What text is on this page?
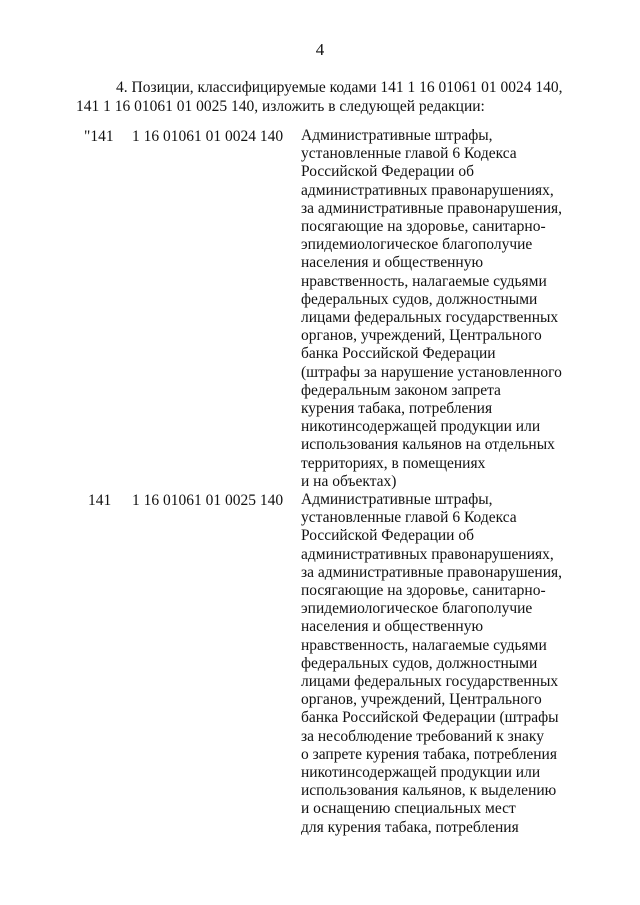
4
4. Позиции, классифицируемые кодами 141 1 16 01061 01 0024 140,
141 1 16 01061 01 0025 140, изложить в следующей редакции:
"141 1 16 01061 01 0024 140 Административные штрафы,
установленные главой 6 Кодекса
Российской Федерации об
административных правонарушениях,
за административные правонарушения,
посягающие на здоровье, санитарно-
эпидемиологическое благополучие
населения и общественную
нравственность, налагаемые судьями
федеральных судов, должностными
лицами федеральных государственных
органов, учреждений, Центрального
банка Российской Федерации
(штрафы за нарушение установленного
федеральным законом запрета
курения табака, потребления
никотинсодержащей продукции или
использования кальянов на отдельных
территориях, в помещениях
и на объектах)
141 1 16 01061 01 0025 140 Административные штрафы,
установленные главой 6 Кодекса
Российской Федерации об
административных правонарушениях,
за административные правонарушения,
посягающие на здоровье, санитарно-
эпидемиологическое благополучие
населения и общественную
нравственность, налагаемые судьями
федеральных судов, должностными
лицами федеральных государственных
органов, учреждений, Центрального
банка Российской Федерации (штрафы
за несоблюдение требований к знаку
о запрете курения табака, потребления
никотинсодержащей продукции или
использования кальянов, к выделению
и оснащению специальных мест
для курения табака, потребления
